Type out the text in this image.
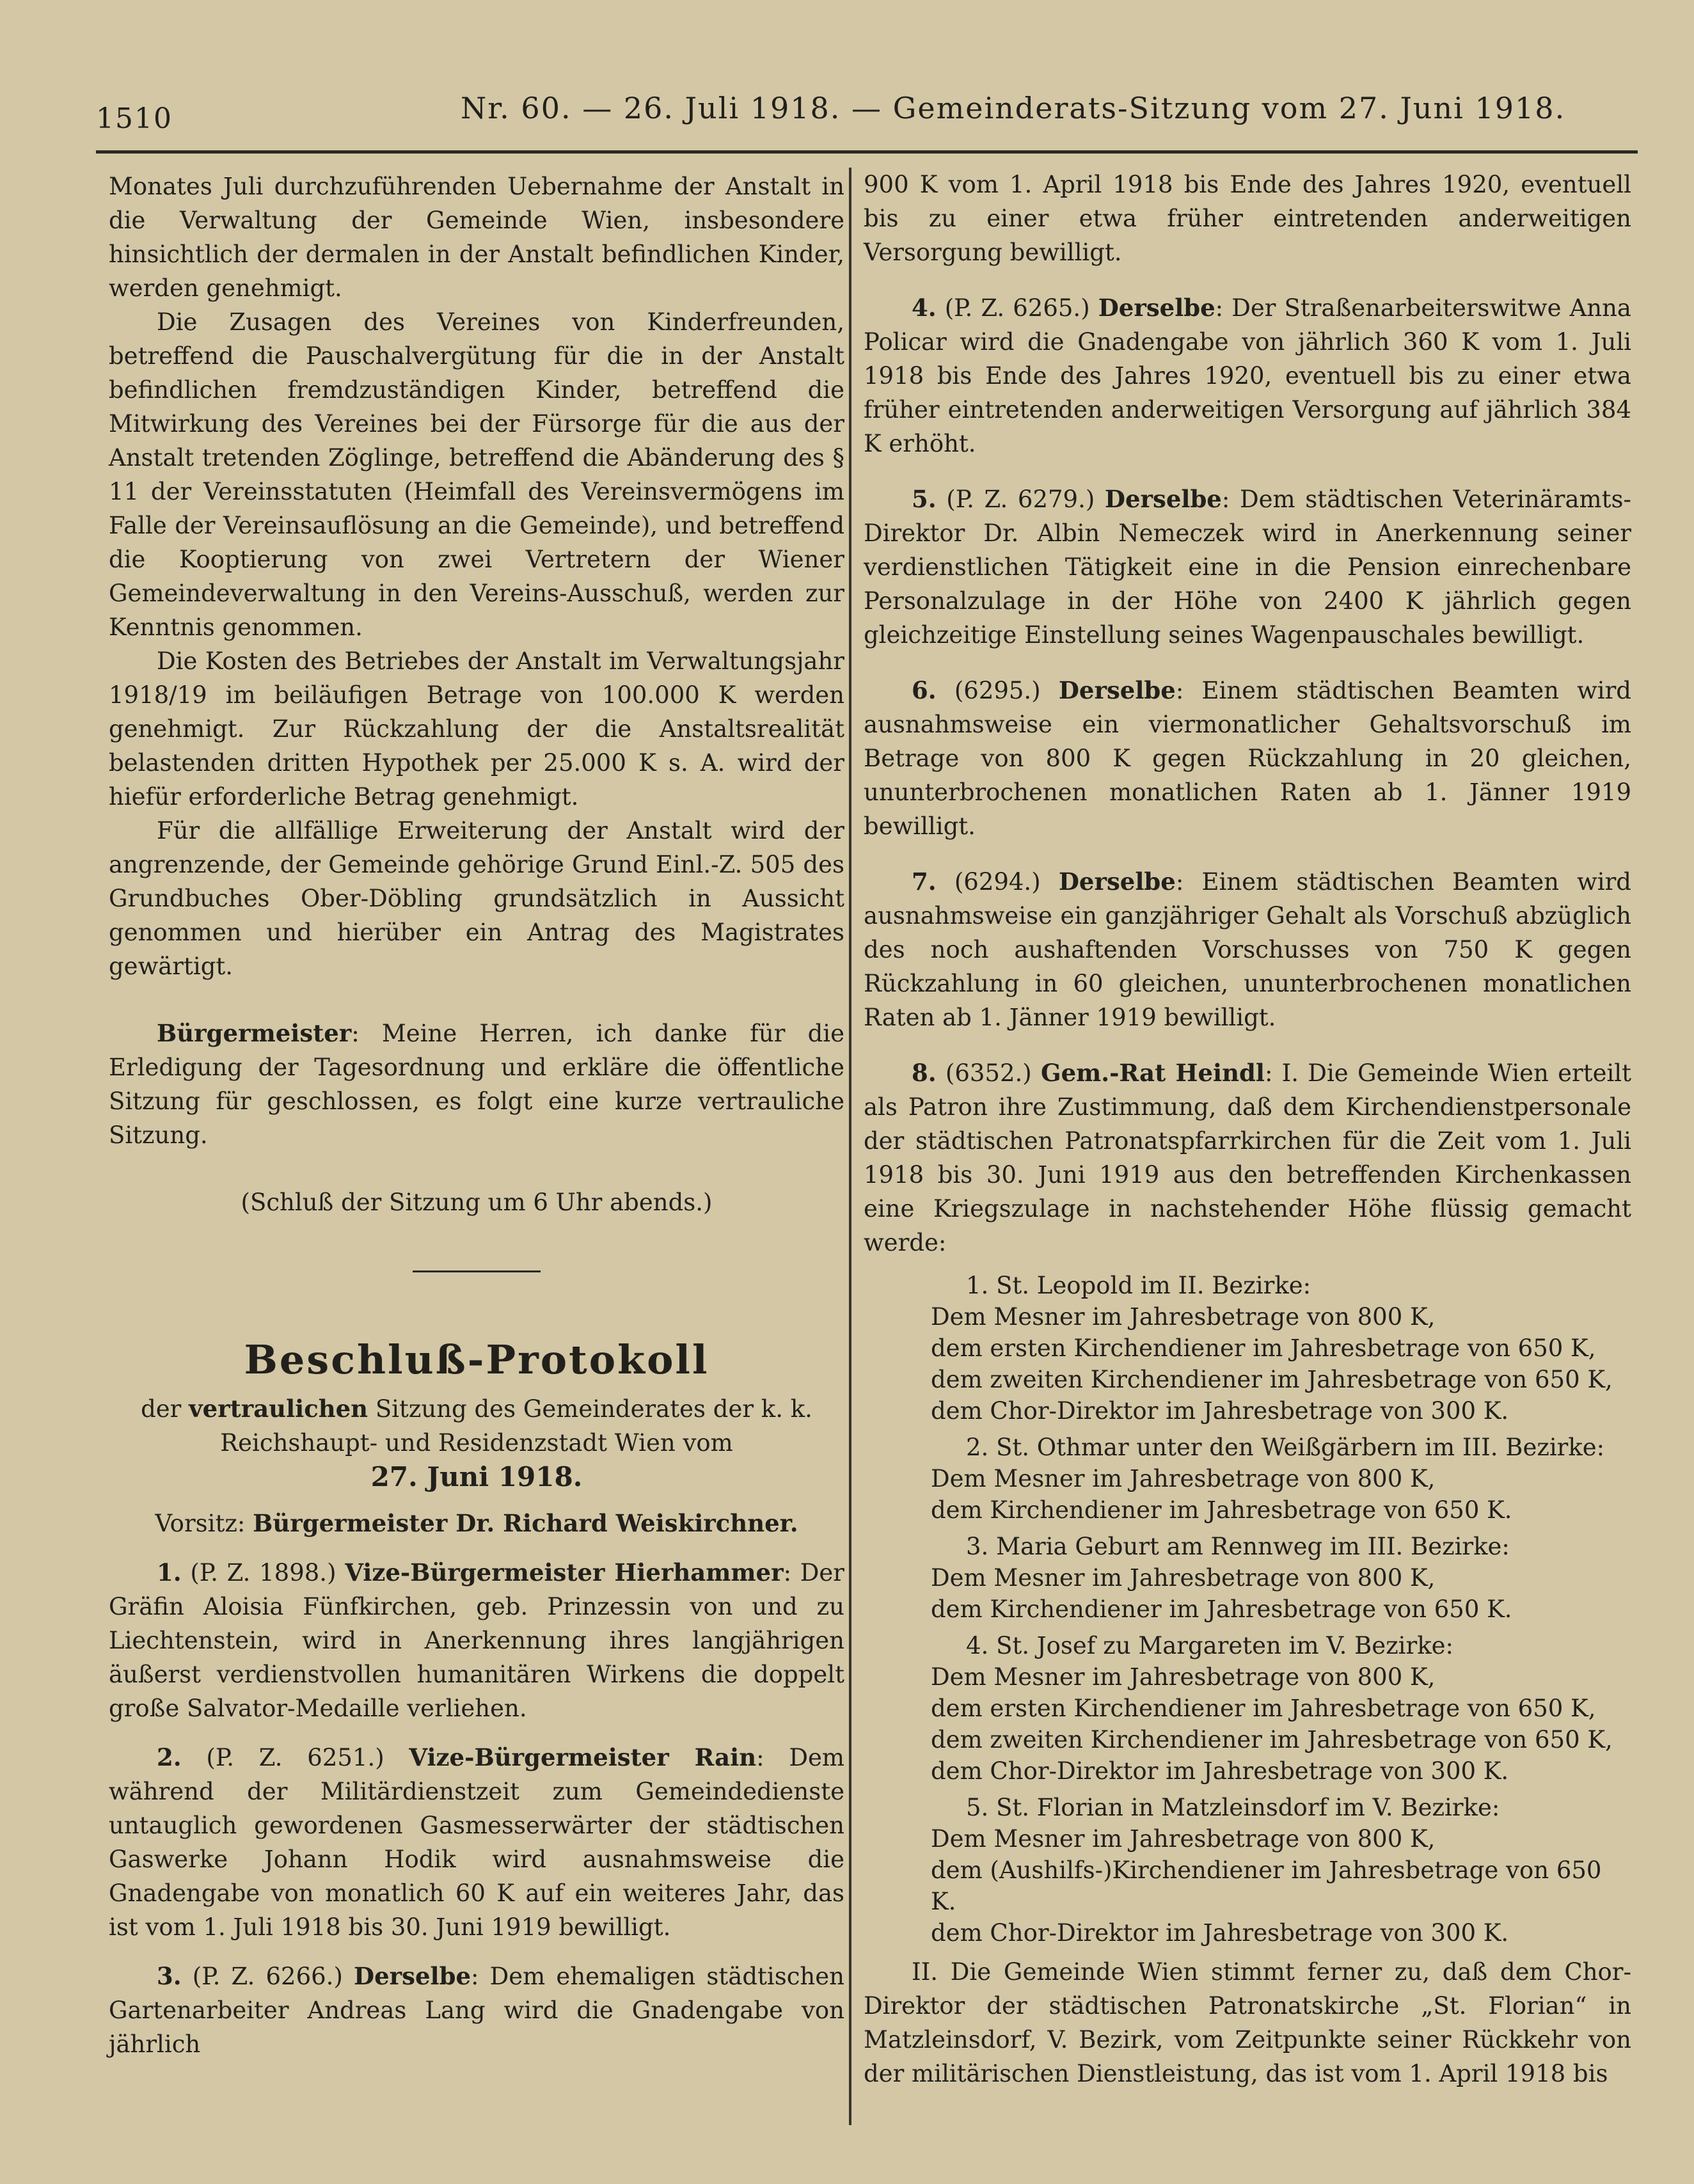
1510	Nr. 60. — 26. Juli 1918. — Gemeinderats-Sitzung vom 27. Juni 1918.

Monates Juli durchzuführenden Uebernahme der Anstalt in die Verwaltung der Gemeinde Wien, insbesondere hinsichtlich der dermalen in der Anstalt befindlichen Kinder, werden genehmigt.

Die Zusagen des Vereines von Kinderfreunden, betreffend die Pauschalvergütung für die in der Anstalt befindlichen fremdzuständigen Kinder, betreffend die Mitwirkung des Vereines bei der Fürsorge für die aus der Anstalt tretenden Zöglinge, betreffend die Abänderung des § 11 der Vereinsstatuten (Heimfall des Vereinsvermögens im Falle der Vereinsauflösung an die Gemeinde), und betreffend die Kooptierung von zwei Vertretern der Wiener Gemeindeverwaltung in den Vereins-Ausschuß, werden zur Kenntnis genommen.

Die Kosten des Betriebes der Anstalt im Verwaltungsjahr 1918/19 im beiläufigen Betrage von 100.000 K werden genehmigt. Zur Rückzahlung der die Anstaltsrealität belastenden dritten Hypothek per 25.000 K s. A. wird der hiefür erforderliche Betrag genehmigt.

Für die allfällige Erweiterung der Anstalt wird der angrenzende, der Gemeinde gehörige Grund Einl.-Z. 505 des Grundbuches Ober-Döbling grundsätzlich in Aussicht genommen und hierüber ein Antrag des Magistrates gewärtigt.

Bürgermeister: Meine Herren, ich danke für die Erledigung der Tagesordnung und erkläre die öffentliche Sitzung für geschlossen, es folgt eine kurze vertrauliche Sitzung.

(Schluß der Sitzung um 6 Uhr abends.)

Beschluß-Protokoll
der vertraulichen Sitzung des Gemeinderates der k. k. Reichshaupt- und Residenzstadt Wien vom
27. Juni 1918.

Vorsitz: Bürgermeister Dr. Richard Weiskirchner.

1. (P. Z. 1898.) Vize-Bürgermeister Hierhammer: Der Gräfin Aloisia Fünfkirchen, geb. Prinzessin von und zu Liechtenstein, wird in Anerkennung ihres langjährigen äußerst verdienstvollen humanitären Wirkens die doppelt große Salvator-Medaille verliehen.

2. (P. Z. 6251.) Vize-Bürgermeister Rain: Dem während der Militärdienstzeit zum Gemeindedienste untauglich gewordenen Gasmesserwärter der städtischen Gaswerke Johann Hodik wird ausnahmsweise die Gnadengabe von monatlich 60 K auf ein weiteres Jahr, das ist vom 1. Juli 1918 bis 30. Juni 1919 bewilligt.

3. (P. Z. 6266.) Derselbe: Dem ehemaligen städtischen Gartenarbeiter Andreas Lang wird die Gnadengabe von jährlich

900 K vom 1. April 1918 bis Ende des Jahres 1920, eventuell bis zu einer etwa früher eintretenden anderweitigen Versorgung bewilligt.

4. (P. Z. 6265.) Derselbe: Der Straßenarbeiterswitwe Anna Policar wird die Gnadengabe von jährlich 360 K vom 1. Juli 1918 bis Ende des Jahres 1920, eventuell bis zu einer etwa früher eintretenden anderweitigen Versorgung auf jährlich 384 K erhöht.

5. (P. Z. 6279.) Derselbe: Dem städtischen Veterinäramts-Direktor Dr. Albin Nemeczek wird in Anerkennung seiner verdienstlichen Tätigkeit eine in die Pension einrechenbare Personalzulage in der Höhe von 2400 K jährlich gegen gleichzeitige Einstellung seines Wagenpauschales bewilligt.

6. (6295.) Derselbe: Einem städtischen Beamten wird ausnahmsweise ein viermonatlicher Gehaltsvorschuß im Betrage von 800 K gegen Rückzahlung in 20 gleichen, ununterbrochenen monatlichen Raten ab 1. Jänner 1919 bewilligt.

7. (6294.) Derselbe: Einem städtischen Beamten wird ausnahmsweise ein ganzjähriger Gehalt als Vorschuß abzüglich des noch aushaftenden Vorschusses von 750 K gegen Rückzahlung in 60 gleichen, ununterbrochenen monatlichen Raten ab 1. Jänner 1919 bewilligt.

8. (6352.) Gem.-Rat Heindl: I. Die Gemeinde Wien erteilt als Patron ihre Zustimmung, daß dem Kirchendienstpersonale der städtischen Patronatspfarrkirchen für die Zeit vom 1. Juli 1918 bis 30. Juni 1919 aus den betreffenden Kirchenkassen eine Kriegszulage in nachstehender Höhe flüssig gemacht werde:

1. St. Leopold im II. Bezirke:
Dem Mesner im Jahresbetrage von 800 K,
dem ersten Kirchendiener im Jahresbetrage von 650 K,
dem zweiten Kirchendiener im Jahresbetrage von 650 K,
dem Chor-Direktor im Jahresbetrage von 300 K.
2. St. Othmar unter den Weißgärbern im III. Bezirke:
Dem Mesner im Jahresbetrage von 800 K,
dem Kirchendiener im Jahresbetrage von 650 K.
3. Maria Geburt am Rennweg im III. Bezirke:
Dem Mesner im Jahresbetrage von 800 K,
dem Kirchendiener im Jahresbetrage von 650 K.
4. St. Josef zu Margareten im V. Bezirke:
Dem Mesner im Jahresbetrage von 800 K,
dem ersten Kirchendiener im Jahresbetrage von 650 K,
dem zweiten Kirchendiener im Jahresbetrage von 650 K,
dem Chor-Direktor im Jahresbetrage von 300 K.
5. St. Florian in Matzleinsdorf im V. Bezirke:
Dem Mesner im Jahresbetrage von 800 K,
dem (Aushilfs-)Kirchendiener im Jahresbetrage von 650 K.
dem Chor-Direktor im Jahresbetrage von 300 K.

II. Die Gemeinde Wien stimmt ferner zu, daß dem Chor-Direktor der städtischen Patronatskirche „St. Florian“ in Matzleinsdorf, V. Bezirk, vom Zeitpunkte seiner Rückkehr von der militärischen Dienstleistung, das ist vom 1. April 1918 bis
